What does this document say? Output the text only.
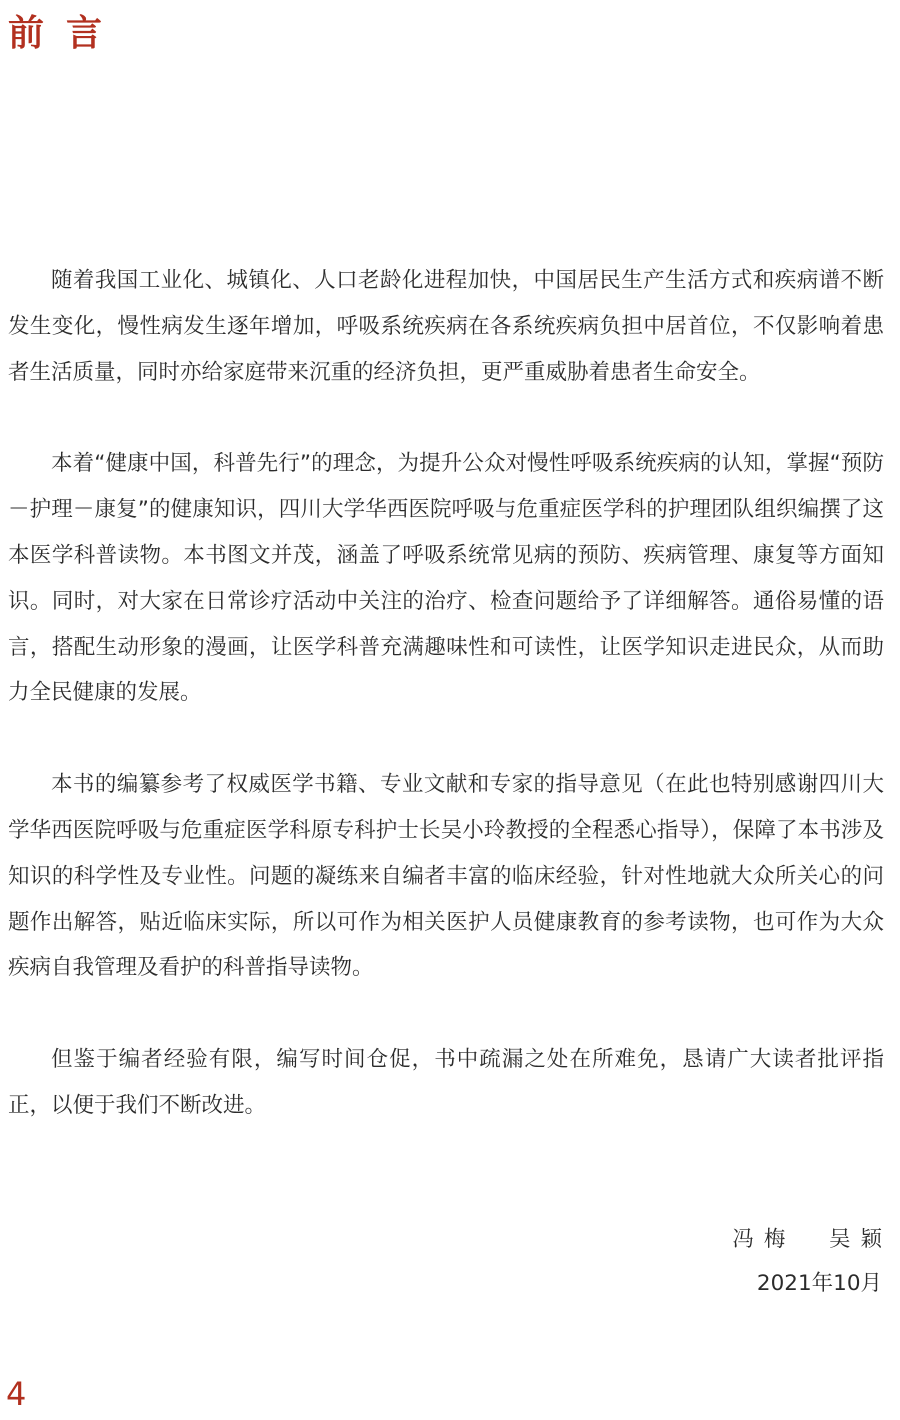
前言

随着我国工业化、城镇化、人口老龄化进程加快，中国居民生产生活方式和疾病谱不断发生变化，慢性病发生逐年增加，呼吸系统疾病在各系统疾病负担中居首位，不仅影响着患者生活质量，同时亦给家庭带来沉重的经济负担，更严重威胁着患者生命安全。

本着“健康中国，科普先行”的理念，为提升公众对慢性呼吸系统疾病的认知，掌握“预防－护理－康复”的健康知识，四川大学华西医院呼吸与危重症医学科的护理团队组织编撰了这本医学科普读物。本书图文并茂，涵盖了呼吸系统常见病的预防、疾病管理、康复等方面知识。同时，对大家在日常诊疗活动中关注的治疗、检查问题给予了详细解答。通俗易懂的语言，搭配生动形象的漫画，让医学科普充满趣味性和可读性，让医学知识走进民众，从而助力全民健康的发展。

本书的编纂参考了权威医学书籍、专业文献和专家的指导意见（在此也特别感谢四川大学华西医院呼吸与危重症医学科原专科护士长吴小玲教授的全程悉心指导），保障了本书涉及知识的科学性及专业性。问题的凝练来自编者丰富的临床经验，针对性地就大众所关心的问题作出解答，贴近临床实际，所以可作为相关医护人员健康教育的参考读物，也可作为大众疾病自我管理及看护的科普指导读物。

但鉴于编者经验有限，编写时间仓促，书中疏漏之处在所难免，恳请广大读者批评指正，以便于我们不断改进。

冯梅  吴颖
2021年10月
4
